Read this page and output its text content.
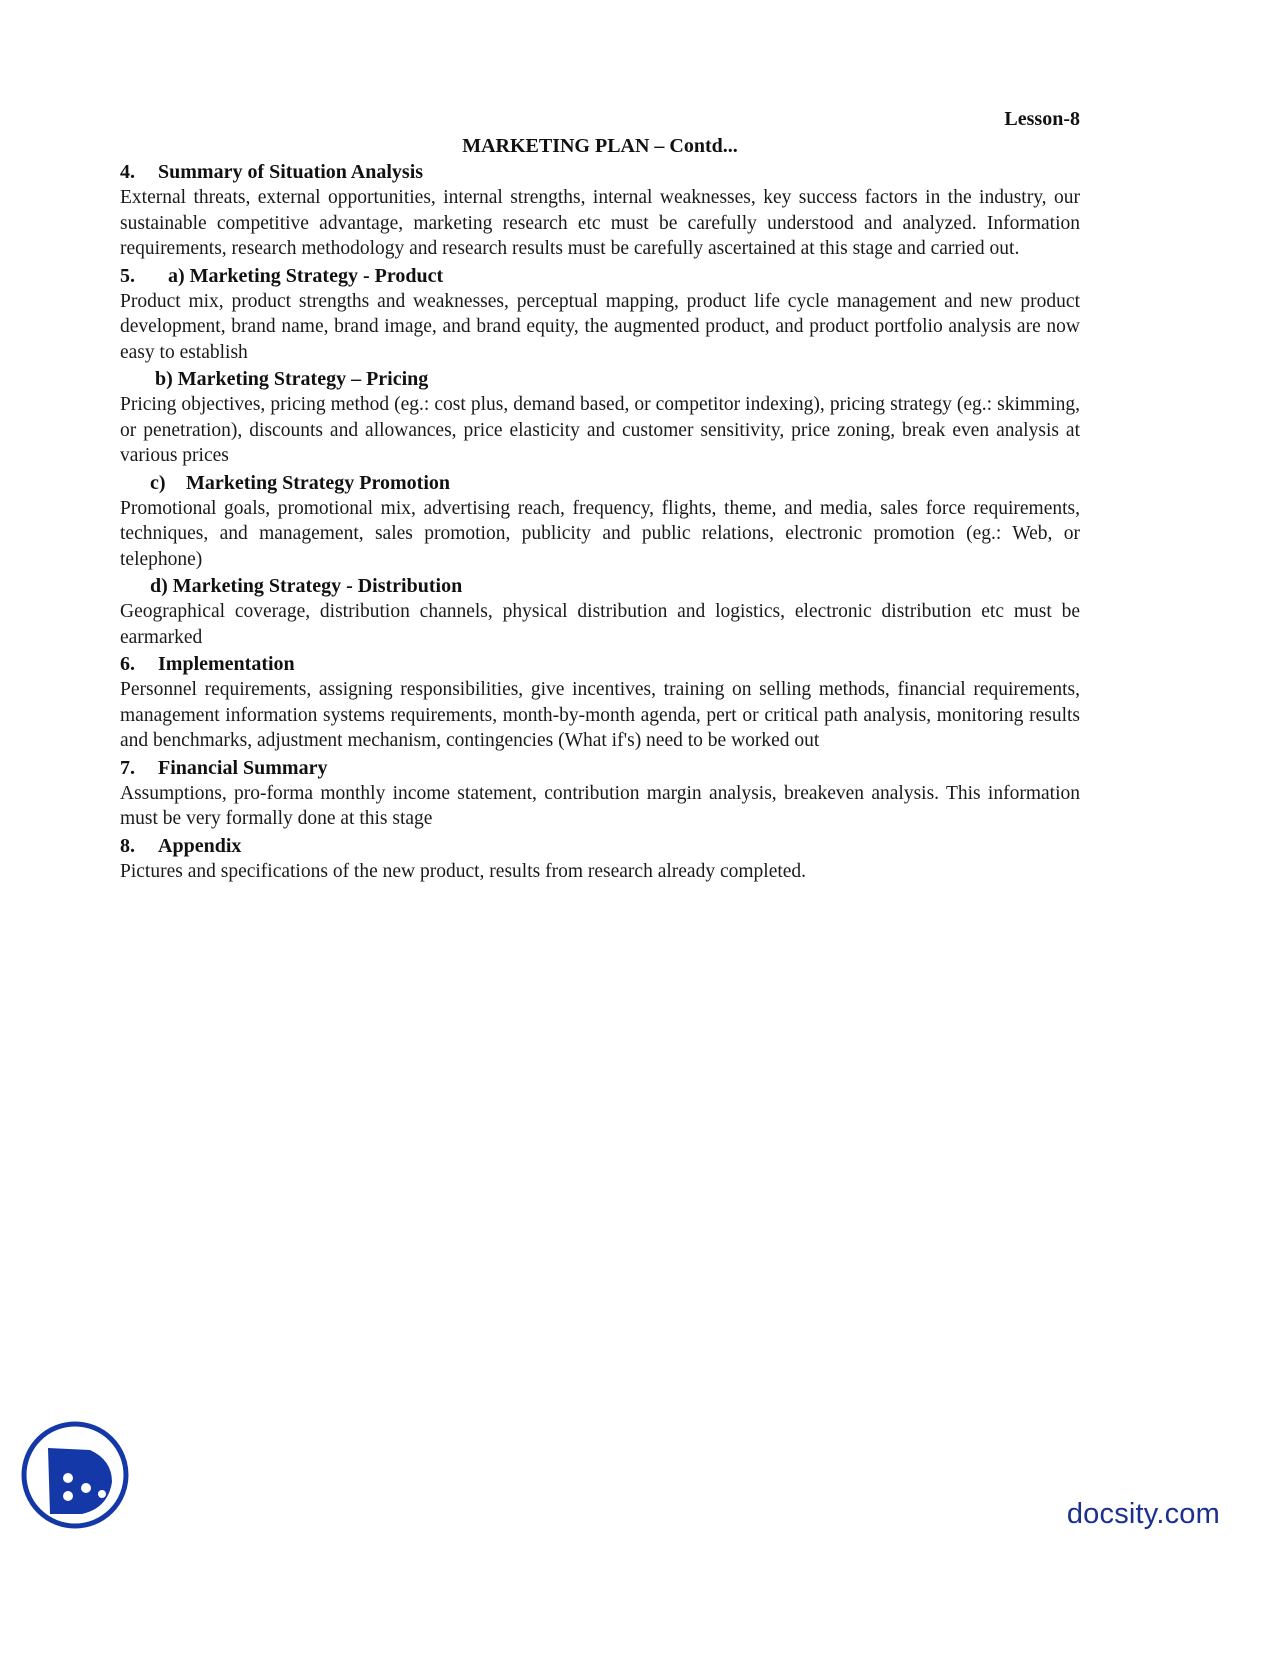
Lesson-8
MARKETING PLAN – Contd...
4. Summary of Situation Analysis

External threats, external opportunities, internal strengths, internal weaknesses, key success factors in the industry, our sustainable competitive advantage, marketing research etc must be carefully understood and analyzed. Information requirements, research methodology and research results must be carefully ascertained at this stage and carried out.

5. a) Marketing Strategy - Product

Product mix, product strengths and weaknesses, perceptual mapping, product life cycle management and new product development, brand name, brand image, and brand equity, the augmented product, and product portfolio analysis are now easy to establish

b) Marketing Strategy – Pricing

Pricing objectives, pricing method (eg.: cost plus, demand based, or competitor indexing), pricing strategy (eg.: skimming, or penetration), discounts and allowances, price elasticity and customer sensitivity, price zoning, break even analysis at various prices

c) Marketing Strategy Promotion

Promotional goals, promotional mix, advertising reach, frequency, flights, theme, and media, sales force requirements, techniques, and management, sales promotion, publicity and public relations, electronic promotion (eg.: Web, or telephone)

d) Marketing Strategy - Distribution

Geographical coverage, distribution channels, physical distribution and logistics, electronic distribution etc must be earmarked

6. Implementation

Personnel requirements, assigning responsibilities, give incentives, training on selling methods, financial requirements, management information systems requirements, month-by-month agenda, pert or critical path analysis, monitoring results and benchmarks, adjustment mechanism, contingencies (What if's) need to be worked out

7. Financial Summary

Assumptions, pro-forma monthly income statement, contribution margin analysis, breakeven analysis. This information must be very formally done at this stage

8. Appendix

Pictures and specifications of the new product, results from research already completed.

docsity.com
